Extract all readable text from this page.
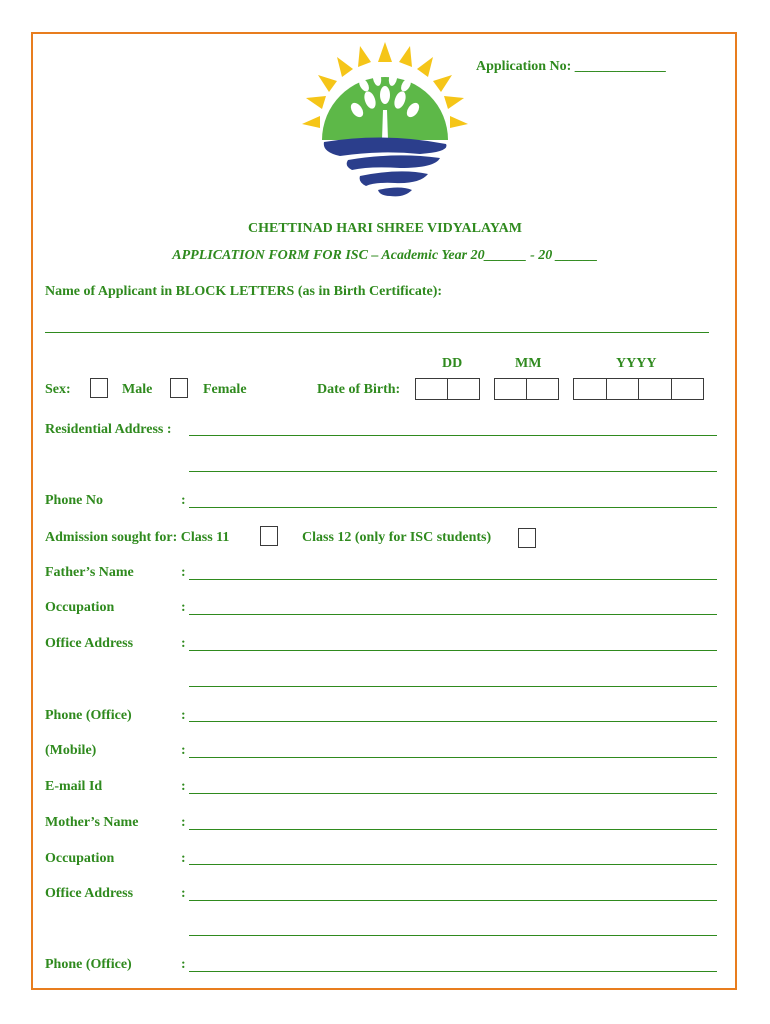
Application No: _____________
CHETTINAD HARI SHREE VIDYALAYAM
APPLICATION FORM FOR ISC – Academic Year 20______ - 20 ______
Name of Applicant in BLOCK LETTERS (as in Birth Certificate):
DD	MM	YYYY
Sex:	Male	Female	Date of Birth:
Residential Address :
Phone No	:
Admission sought for: Class 11	Class 12 (only for ISC students)
Father’s Name	:
Occupation	:
Office Address	:
Phone (Office)	:
(Mobile)	:
E-mail Id	:
Mother’s Name	:
Occupation	:
Office Address	:
Phone (Office)	:
